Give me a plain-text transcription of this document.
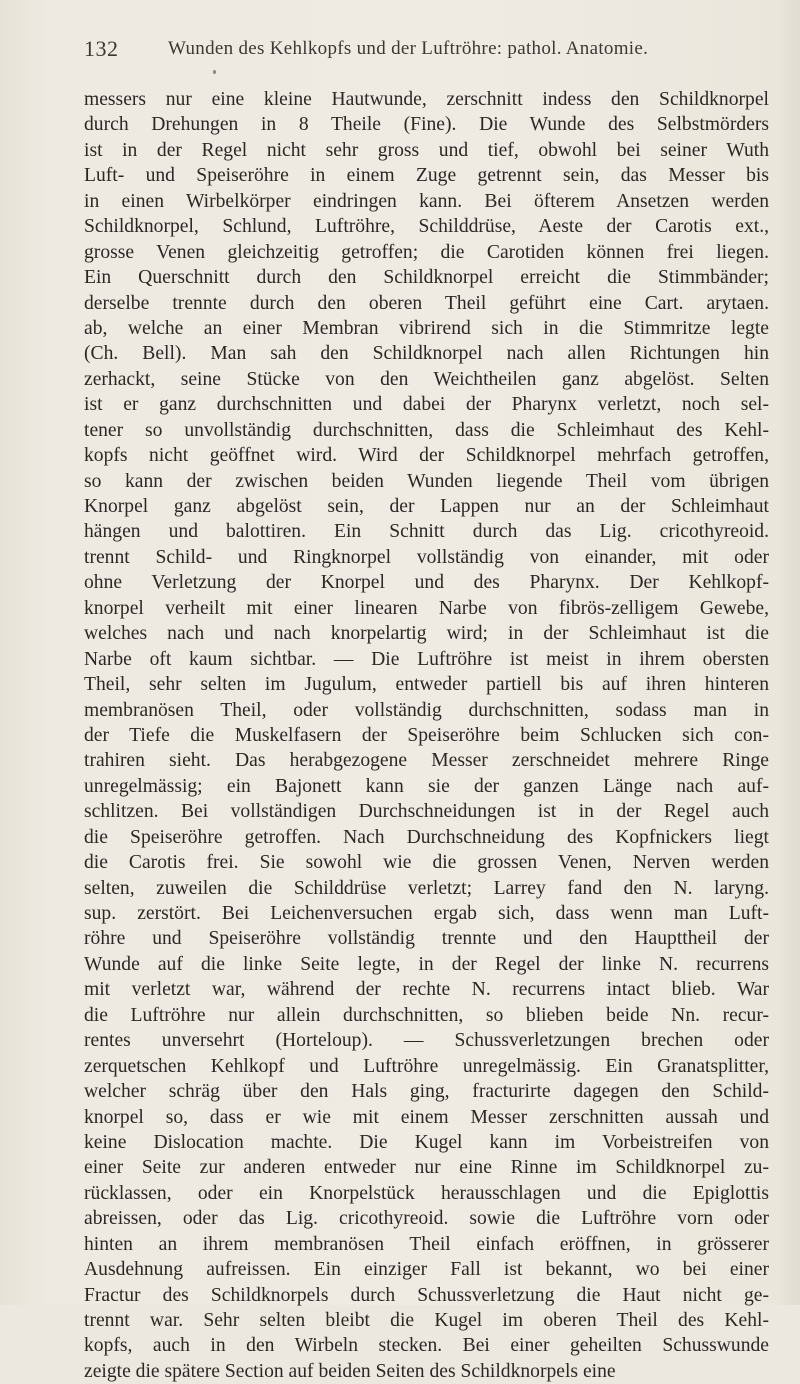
132	Wunden des Kehlkopfs und der Luftröhre: pathol. Anatomie.
messers nur eine kleine Hautwunde, zerschnitt indess den Schildknorpel
durch Drehungen in 8 Theile (Fine). Die Wunde des Selbstmörders
ist in der Regel nicht sehr gross und tief, obwohl bei seiner Wuth
Luft- und Speiseröhre in einem Zuge getrennt sein, das Messer bis
in einen Wirbelkörper eindringen kann. Bei öfterem Ansetzen werden
Schildknorpel, Schlund, Luftröhre, Schilddrüse, Aeste der Carotis ext.,
grosse Venen gleichzeitig getroffen; die Carotiden können frei liegen.
Ein Querschnitt durch den Schildknorpel erreicht die Stimmbänder;
derselbe trennte durch den oberen Theil geführt eine Cart. arytaen.
ab, welche an einer Membran vibrirend sich in die Stimmritze legte
(Ch. Bell). Man sah den Schildknorpel nach allen Richtungen hin
zerhackt, seine Stücke von den Weichtheilen ganz abgelöst. Selten
ist er ganz durchschnitten und dabei der Pharynx verletzt, noch sel-
tener so unvollständig durchschnitten, dass die Schleimhaut des Kehl-
kopfs nicht geöffnet wird. Wird der Schildknorpel mehrfach getroffen,
so kann der zwischen beiden Wunden liegende Theil vom übrigen
Knorpel ganz abgelöst sein, der Lappen nur an der Schleimhaut
hängen und balottiren. Ein Schnitt durch das Lig. cricothyreoid.
trennt Schild- und Ringknorpel vollständig von einander, mit oder
ohne Verletzung der Knorpel und des Pharynx. Der Kehlkopf-
knorpel verheilt mit einer linearen Narbe von fibrös-zelligem Gewebe,
welches nach und nach knorpelartig wird; in der Schleimhaut ist die
Narbe oft kaum sichtbar. — Die Luftröhre ist meist in ihrem obersten
Theil, sehr selten im Jugulum, entweder partiell bis auf ihren hinteren
membranösen Theil, oder vollständig durchschnitten, sodass man in
der Tiefe die Muskelfasern der Speiseröhre beim Schlucken sich con-
trahiren sieht. Das herabgezogene Messer zerschneidet mehrere Ringe
unregelmässig; ein Bajonett kann sie der ganzen Länge nach auf-
schlitzen. Bei vollständigen Durchschneidungen ist in der Regel auch
die Speiseröhre getroffen. Nach Durchschneidung des Kopfnickers liegt
die Carotis frei. Sie sowohl wie die grossen Venen, Nerven werden
selten, zuweilen die Schilddrüse verletzt; Larrey fand den N. laryng.
sup. zerstört. Bei Leichenversuchen ergab sich, dass wenn man Luft-
röhre und Speiseröhre vollständig trennte und den Haupttheil der
Wunde auf die linke Seite legte, in der Regel der linke N. recurrens
mit verletzt war, während der rechte N. recurrens intact blieb. War
die Luftröhre nur allein durchschnitten, so blieben beide Nn. recur-
rentes unversehrt (Horteloup). — Schussverletzungen brechen oder
zerquetschen Kehlkopf und Luftröhre unregelmässig. Ein Granatsplitter,
welcher schräg über den Hals ging, fracturirte dagegen den Schild-
knorpel so, dass er wie mit einem Messer zerschnitten aussah und
keine Dislocation machte. Die Kugel kann im Vorbeistreifen von
einer Seite zur anderen entweder nur eine Rinne im Schildknorpel zu-
rücklassen, oder ein Knorpelstück herausschlagen und die Epiglottis
abreissen, oder das Lig. cricothyreoid. sowie die Luftröhre vorn oder
hinten an ihrem membranösen Theil einfach eröffnen, in grösserer
Ausdehnung aufreissen. Ein einziger Fall ist bekannt, wo bei einer
Fractur des Schildknorpels durch Schussverletzung die Haut nicht ge-
trennt war. Sehr selten bleibt die Kugel im oberen Theil des Kehl-
kopfs, auch in den Wirbeln stecken. Bei einer geheilten Schusswunde
zeigte die spätere Section auf beiden Seiten des Schildknorpels eine
